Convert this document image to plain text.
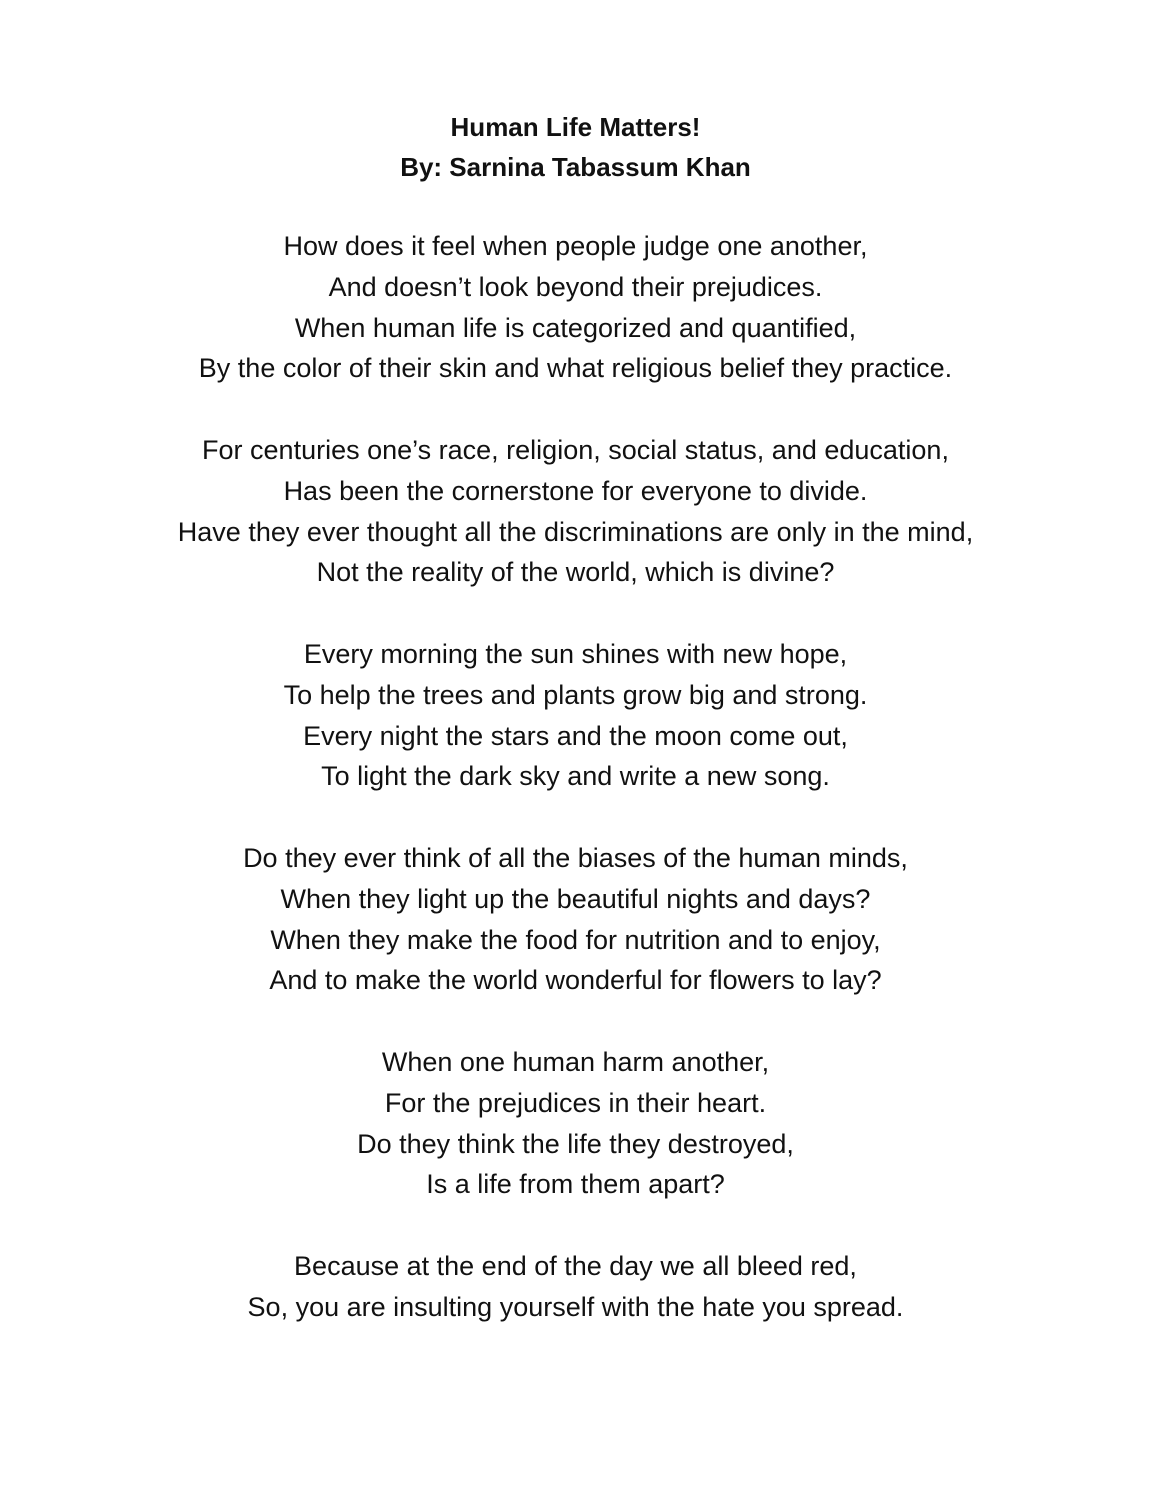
Human Life Matters!
By: Sarnina Tabassum Khan
How does it feel when people judge one another,
And doesn’t look beyond their prejudices.
When human life is categorized and quantified,
By the color of their skin and what religious belief they practice.
For centuries one’s race, religion, social status, and education,
Has been the cornerstone for everyone to divide.
Have they ever thought all the discriminations are only in the mind,
Not the reality of the world, which is divine?
Every morning the sun shines with new hope,
To help the trees and plants grow big and strong.
Every night the stars and the moon come out,
To light the dark sky and write a new song.
Do they ever think of all the biases of the human minds,
When they light up the beautiful nights and days?
When they make the food for nutrition and to enjoy,
And to make the world wonderful for flowers to lay?
When one human harm another,
For the prejudices in their heart.
Do they think the life they destroyed,
Is a life from them apart?
Because at the end of the day we all bleed red,
So, you are insulting yourself with the hate you spread.
